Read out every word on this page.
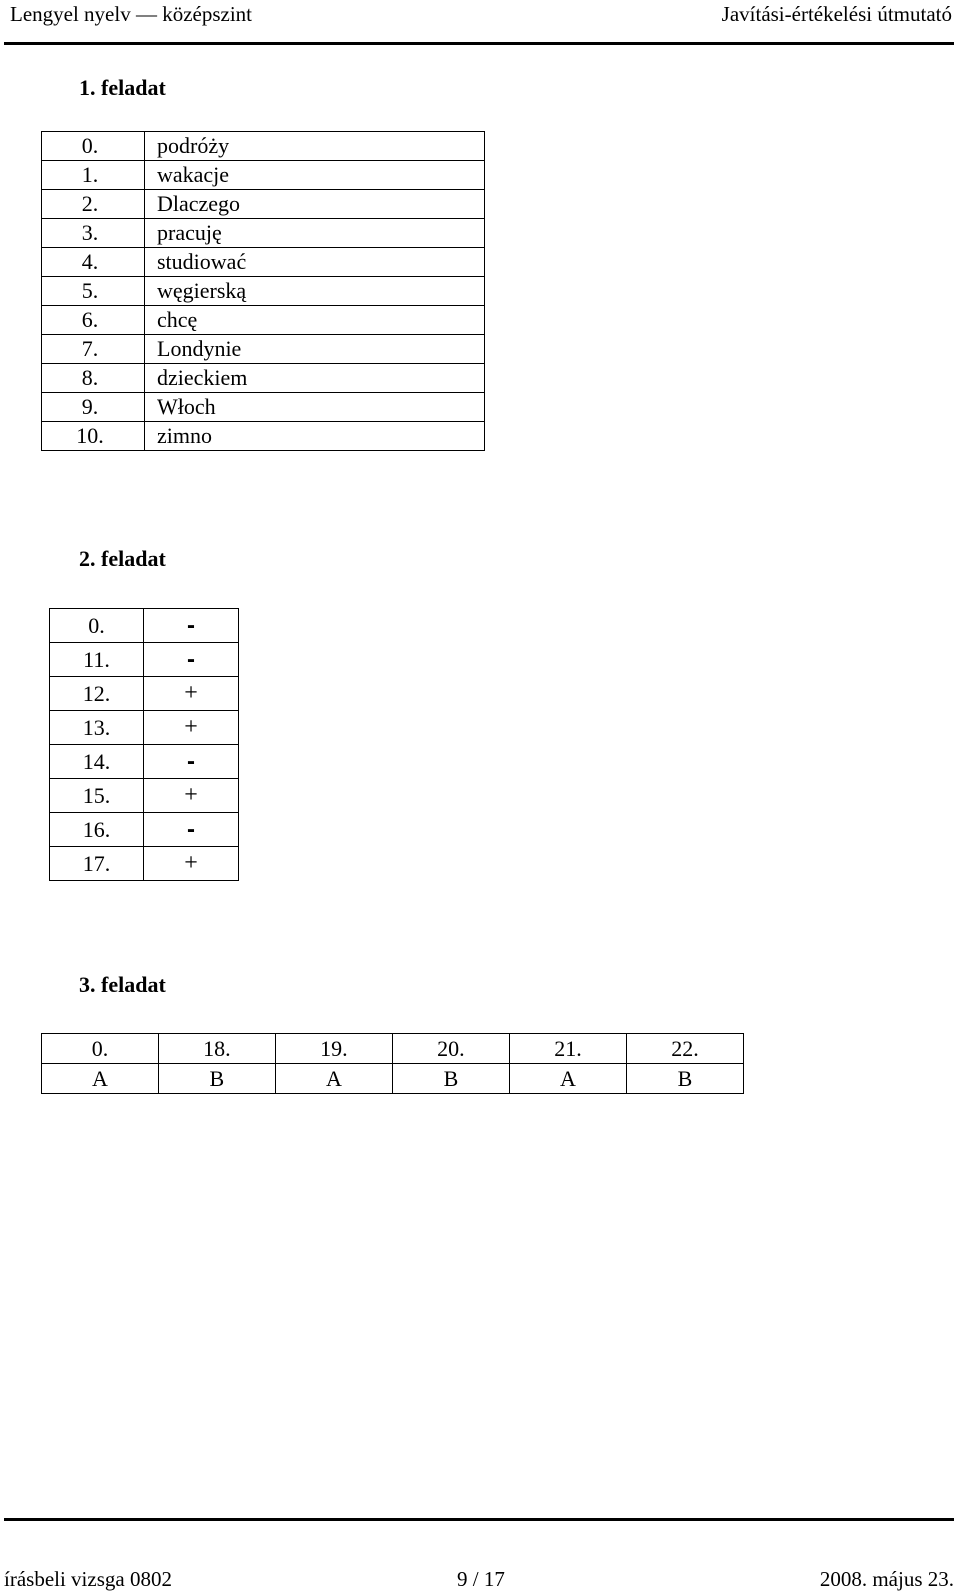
Lengyel nyelv — középszint	Javítási-értékelési útmutató
1. feladat
0.	podróży
1.	wakacje
2.	Dlaczego
3.	pracuję
4.	studiować
5.	węgierską
6.	chcę
7.	Londynie
8.	dzieckiem
9.	Włoch
10.	zimno
2. feladat
0.	-
11.	-
12.	+
13.	+
14.	-
15.	+
16.	-
17.	+
3. feladat
0.	18.	19.	20.	21.	22.
A	B	A	B	A	B
írásbeli vizsga 0802	9 / 17	2008. május 23.
